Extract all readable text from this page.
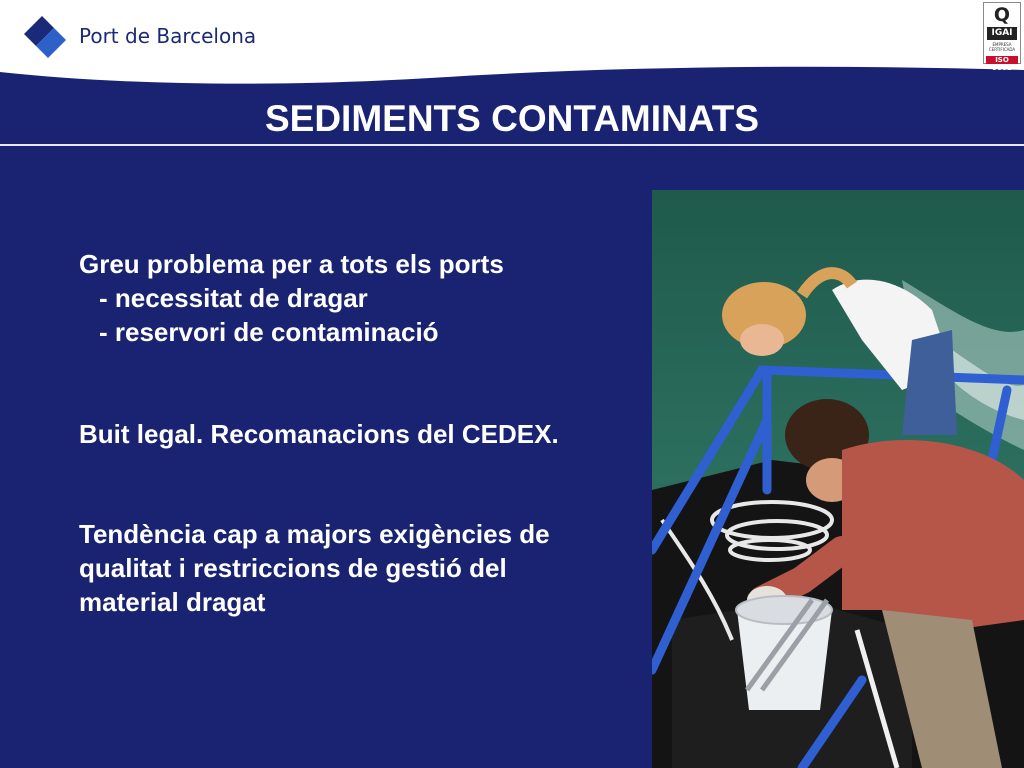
Port de Barcelona
Q
IGAI
EMPRESA CERTIFICADA
ISO 9001
SEDIMENTS CONTAMINATS

Greu problema per a tots els ports

- necessitat de dragar

- reservori de contaminació

Buit legal. Recomanacions del CEDEX.

Tendència cap a majors exigències de

qualitat i restriccions de gestió del

material dragat
